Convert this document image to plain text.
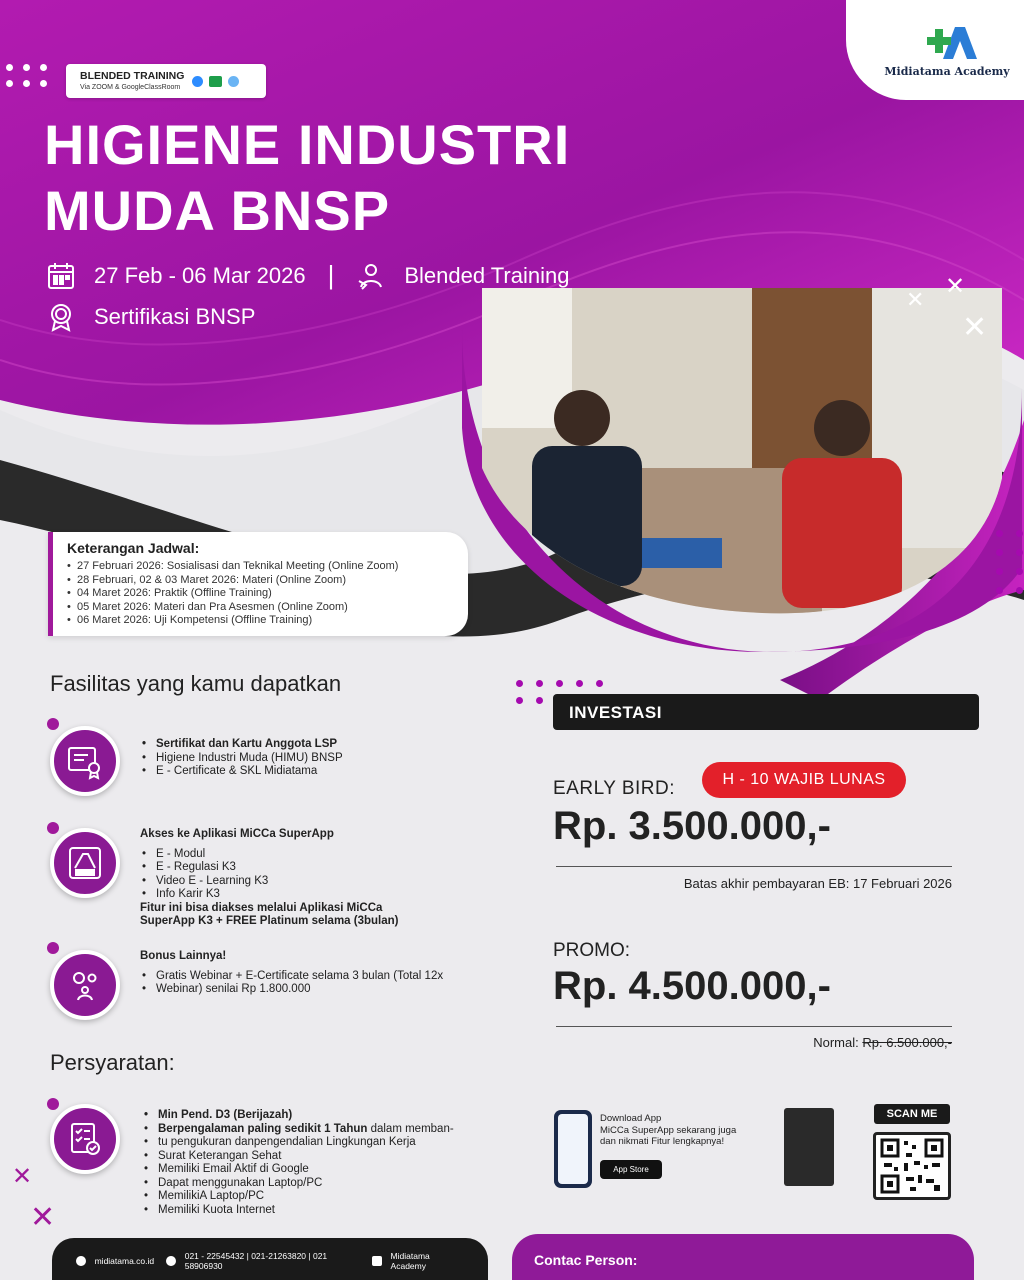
Midiatama Academy
BLENDED TRAINING
Via ZOOM & GoogleClassRoom
HIGIENE INDUSTRI
MUDA BNSP
27 Feb - 06 Mar 2026 |	Blended Training
Sertifikasi BNSP
✕
✕
✕
✕
✕
Keterangan Jadwal:
• 27 Februari 2026: Sosialisasi dan Teknikal Meeting (Online Zoom)
• 28 Februari, 02 & 03 Maret 2026: Materi (Online Zoom)
• 04 Maret 2026: Praktik (Offline Training)
• 05 Maret 2026: Materi dan Pra Asesmen (Online Zoom)
• 06 Maret 2026: Uji Kompetensi (Offline Training)
Fasilitas yang kamu dapatkan
• Sertifikat dan Kartu Anggota LSP
• Higiene Industri Muda (HIMU) BNSP
• E - Certificate & SKL Midiatama
Akses ke Aplikasi MiCCa SuperApp
• E - Modul
• E - Regulasi K3
• Video E - Learning K3
• Info Karir K3
Fitur ini bisa diakses melalui Aplikasi MiCCa
SuperApp K3 + FREE Platinum selama (3bulan)
Bonus Lainnya!
• Gratis Webinar + E-Certificate selama 3 bulan (Total 12x
• Webinar) senilai Rp 1.800.000
Persyaratan:
• Min Pend. D3 (Berijazah)
• Berpengalaman paling sedikit 1 Tahun dalam memban-
• tu pengukuran danpengendalian Lingkungan Kerja
• Surat Keterangan Sehat
• Memiliki Email Aktif di Google
• Dapat menggunakan Laptop/PC
• MemilikiA Laptop/PC
• Memiliki Kuota Internet
INVESTASI
EARLY BIRD:	H - 10 WAJIB LUNAS
Rp. 3.500.000,-
Batas akhir pembayaran EB: 17 Februari 2026
PROMO:
Rp. 4.500.000,-
Normal: Rp. 6.500.000,-
Download App
MiCCa SuperApp sekarang juga
dan nikmati Fitur lengkapnya!
App Store
SCAN ME
midiatama.co.id	021 - 22545432 | 021-21263820 | 021 58906930
Midiatama Academy	Contac Person:
